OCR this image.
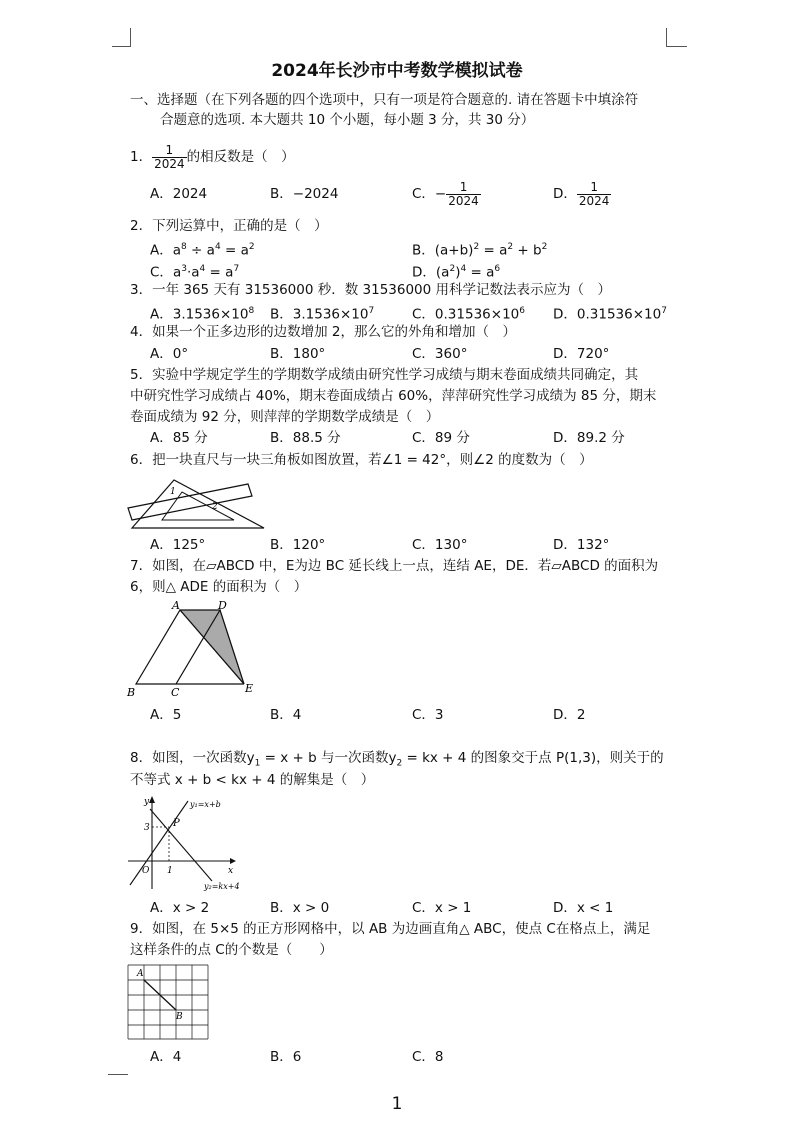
2024年长沙市中考数学模拟试卷
一、选择题（在下列各题的四个选项中，只有一项是符合题意的. 请在答题卡中填涂符
合题意的选项. 本大题共 10 个小题，每小题 3 分，共 30 分）
1． $\frac{1}{2024}$ 的相反数是（　）
A．2024	B．−2024	C．− $\frac{1}{2024}$	D． $\frac{1}{2024}$
2．下列运算中，正确的是（　）
A．$a^8 \div a^4 = a^2$	B．$(a+b)^2 = a^2 + b^2$
C．$a^3\cdot a^4 = a^7$	D．$(a^2)^4 = a^6$
3．一年 365 天有 31536000 秒．数 31536000 用科学记数法表示应为（　）
A．$3.1536\times 10^8$ B．$3.1536\times 10^7$	C．$0.31536\times 10^6$ D．$0.31536\times 10^7$
4．如果一个正多边形的边数增加 2，那么它的外角和增加（　）
A．0°	B．180°	C．360°	D．720°
5．实验中学规定学生的学期数学成绩由研究性学习成绩与期末卷面成绩共同确定，其
中研究性学习成绩占 40%，期末卷面成绩占 60%，萍萍研究性学习成绩为 85 分，期末
卷面成绩为 92 分，则萍萍的学期数学成绩是（　）
A．85 分	B．88.5 分	C．89 分	D．89.2 分
6．把一块直尺与一块三角板如图放置，若∠1 = 42°，则∠2 的度数为（　）
1
2
A．125°	B．120°	C．130°	D．132°
7．如图，在▱ABCD 中，E为边 BC 延长线上一点，连结 AE，DE．若▱ABCD 的面积为
6，则△ ADE 的面积为（　）
A	D
B	C	E
A．5	B．4	C．3	D．2
8．如图，一次函数$y_1 = x + b$ 与一次函数$y_2$ = kx + 4 的图象交于点 P(1,3)，则关于的
不等式 x + b < kx + 4 的解集是（　）
y
x
O 1
3 P
y₁=x+b
y₂=kx+4
A．x > 2	B．x > 0	C．x > 1	D．x < 1
9．如图，在 5×5 的正方形网格中，以 AB 为边画直角△ ABC，使点 C在格点上，满足
这样条件的点 C的个数是（　　）
A
B
A．4	B．6	C．8
1
